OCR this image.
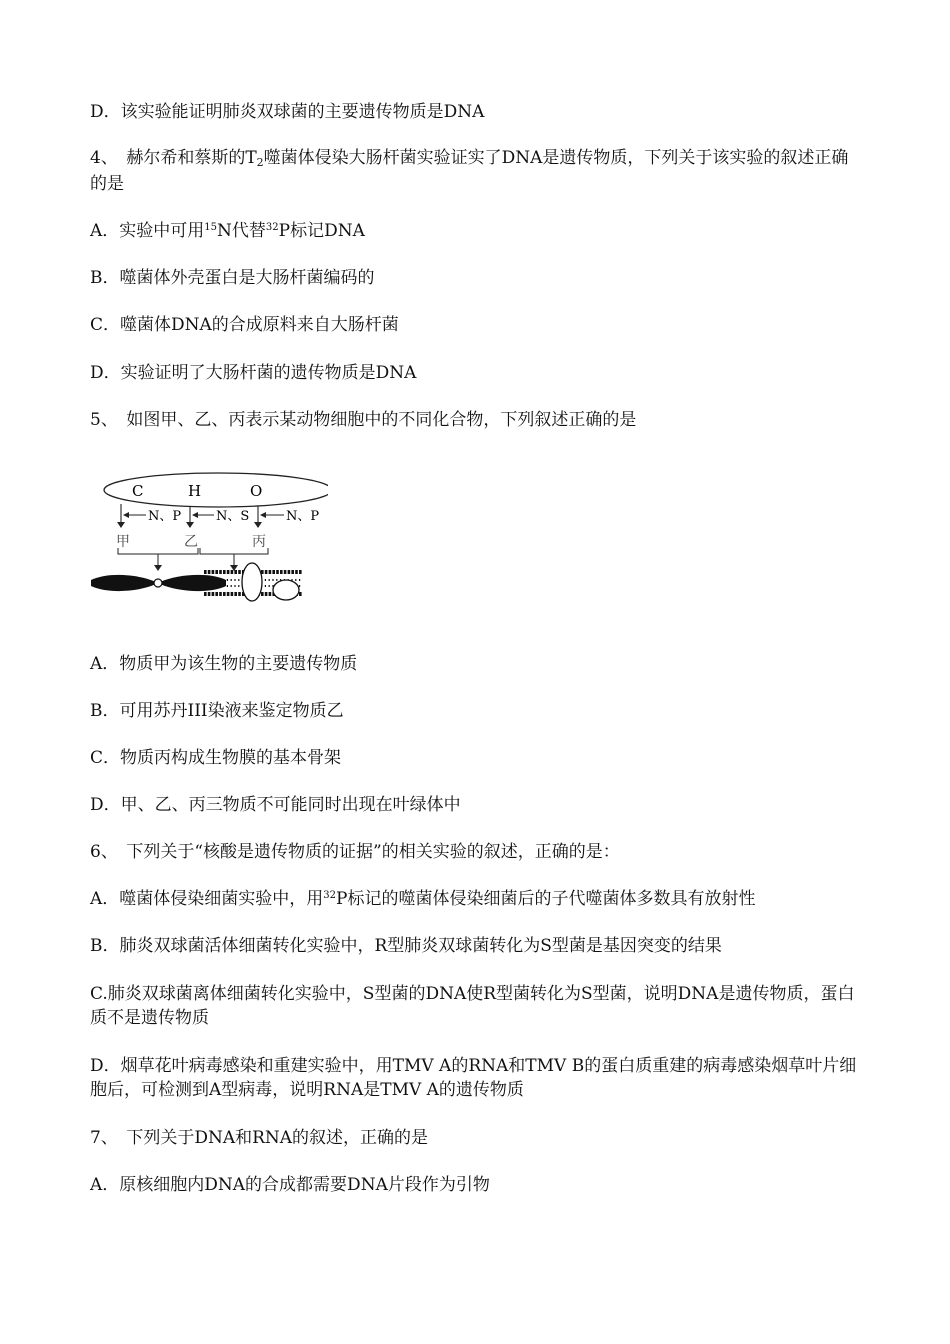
D．该实验能证明肺炎双球菌的主要遗传物质是DNA
4、　赫尔希和蔡斯的$T_2$噬菌体侵染大肠杆菌实验证实了DNA是遗传物质，下列关于该实验的叙述正确的是
A．实验中可用$^{15}$N代替$^{32}$P标记DNA
B．噬菌体外壳蛋白是大肠杆菌编码的
C．噬菌体DNA的合成原料来自大肠杆菌
D．实验证明了大肠杆菌的遗传物质是DNA
5、　如图甲、乙、丙表示某动物细胞中的不同化合物，下列叙述正确的是
C	H	O
N、P	N、S	N、P
甲	乙	丙
A．物质甲为该生物的主要遗传物质
B．可用苏丹III染液来鉴定物质乙
C．物质丙构成生物膜的基本骨架
D．甲、乙、丙三物质不可能同时出现在叶绿体中
6、　下列关于“核酸是遗传物质的证据”的相关实验的叙述，正确的是：
A．噬菌体侵染细菌实验中，用$^{32}$P标记的噬菌体侵染细菌后的子代噬菌体多数具有放射性
B．肺炎双球菌活体细菌转化实验中，R型肺炎双球菌转化为S型菌是基因突变的结果
C.肺炎双球菌离体细菌转化实验中，S型菌的DNA使R型菌转化为S型菌，说明DNA是遗传物质，蛋白质不是遗传物质
D．烟草花叶病毒感染和重建实验中，用TMV A的RNA和TMV B的蛋白质重建的病毒感染烟草叶片细胞后，可检测到A型病毒，说明RNA是TMV A的遗传物质
7、　下列关于DNA和RNA的叙述，正确的是
A．原核细胞内DNA的合成都需要DNA片段作为引物
